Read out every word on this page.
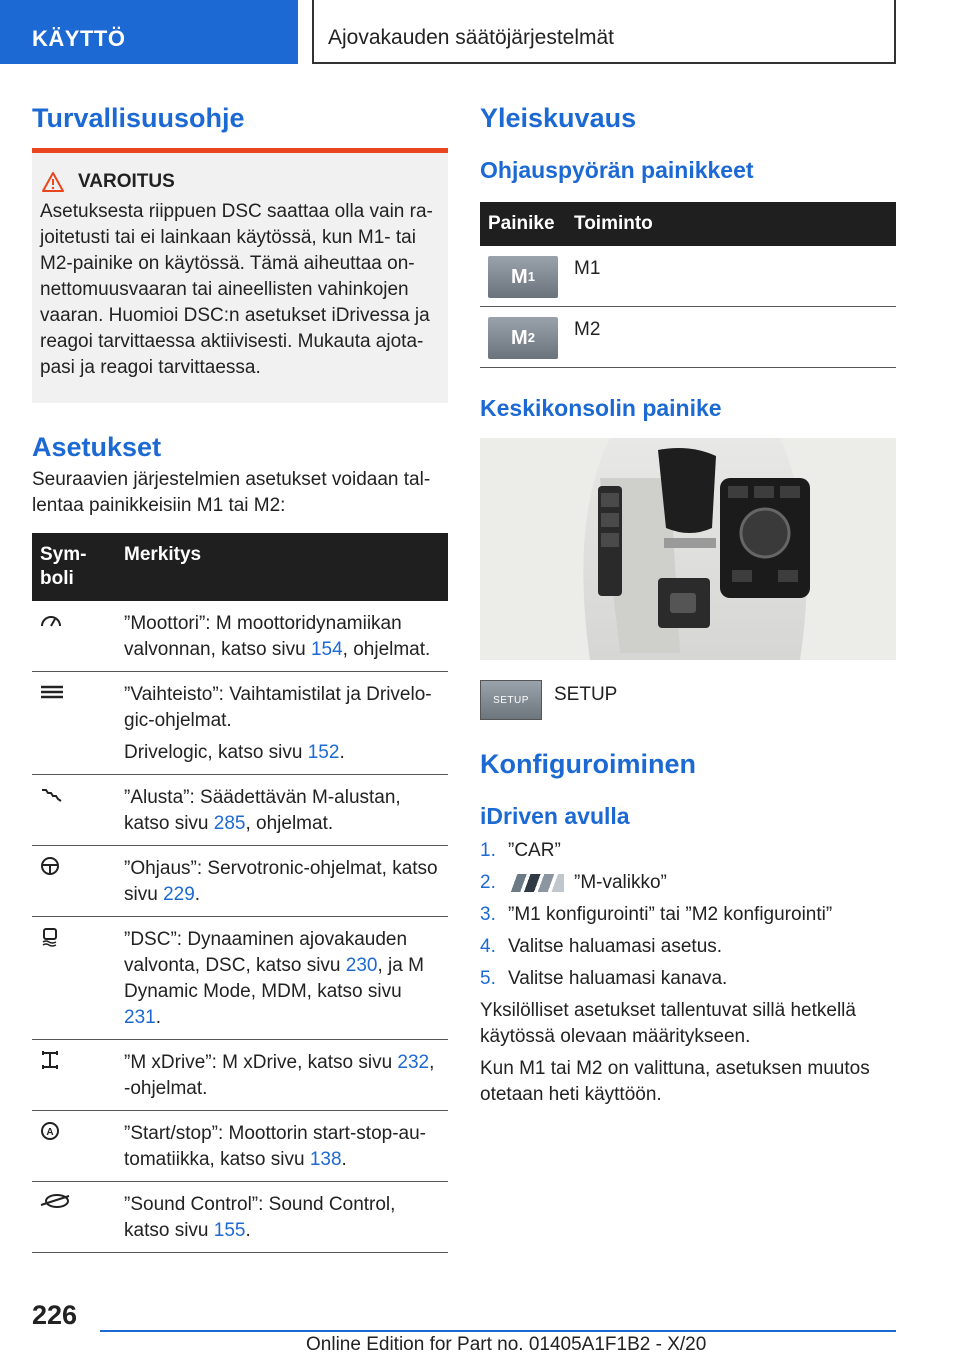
KÄYTTÖ	Ajovakauden säätöjärjestelmät
Turvallisuusohje
VAROITUS
Asetuksesta riippuen DSC saattaa olla vain rajoitetusti tai ei lainkaan käytössä, kun M1- tai M2-painike on käytössä. Tämä aiheuttaa onnettomuusvaaran tai aineellisten vahinkojen vaaran. Huomioi DSC:n asetukset iDrivessa ja reagoi tarvittaessa aktiivisesti. Mukauta ajotapasi ja reagoi tarvittaessa.
Asetukset

Seuraavien järjestelmien asetukset voidaan tallentaa painikkeisiin M1 tai M2:

Symboli	Merkitys
	”Moottori”: M moottoridynamiikan valvonnan, katso sivu 154, ohjelmat.

”Vaihteisto”: Vaihtamistilat ja Drivelogic-ohjelmat.
Drivelogic, katso sivu 152.

	”Alusta”: Säädettävän M-alustan, katso sivu 285, ohjelmat.
	”Ohjaus”: Servotronic-ohjelmat, katso sivu 229.
	”DSC”: Dynaaminen ajovakauden valvonta, DSC, katso sivu 230, ja M Dynamic Mode, MDM, katso sivu 231.
	”M xDrive”: M xDrive, katso sivu 232, -ohjelmat.

A	”Start/stop”: Moottorin start-stop-automatiikka, katso sivu 138.
	”Sound Control”: Sound Control, katso sivu 155.
Yleiskuvaus
Ohjauspyörän painikkeet
Painike	Toiminto

M 1	M1

M 2	M2
Keskikonsolin painike
SETUP	SETUP
Konfiguroiminen
iDriven avulla
1. ”CAR”
2.	”M-valikko”
3. ”M1 konfigurointi” tai ”M2 konfigurointi”
4. Valitse haluamasi asetus.
5. Valitse haluamasi kanava.

Yksilölliset asetukset tallentuvat sillä hetkellä käytössä olevaan määritykseen.

Kun M1 tai M2 on valittuna, asetuksen muutos otetaan heti käyttöön.

226
Online Edition for Part no. 01405A1F1B2 - X/20
